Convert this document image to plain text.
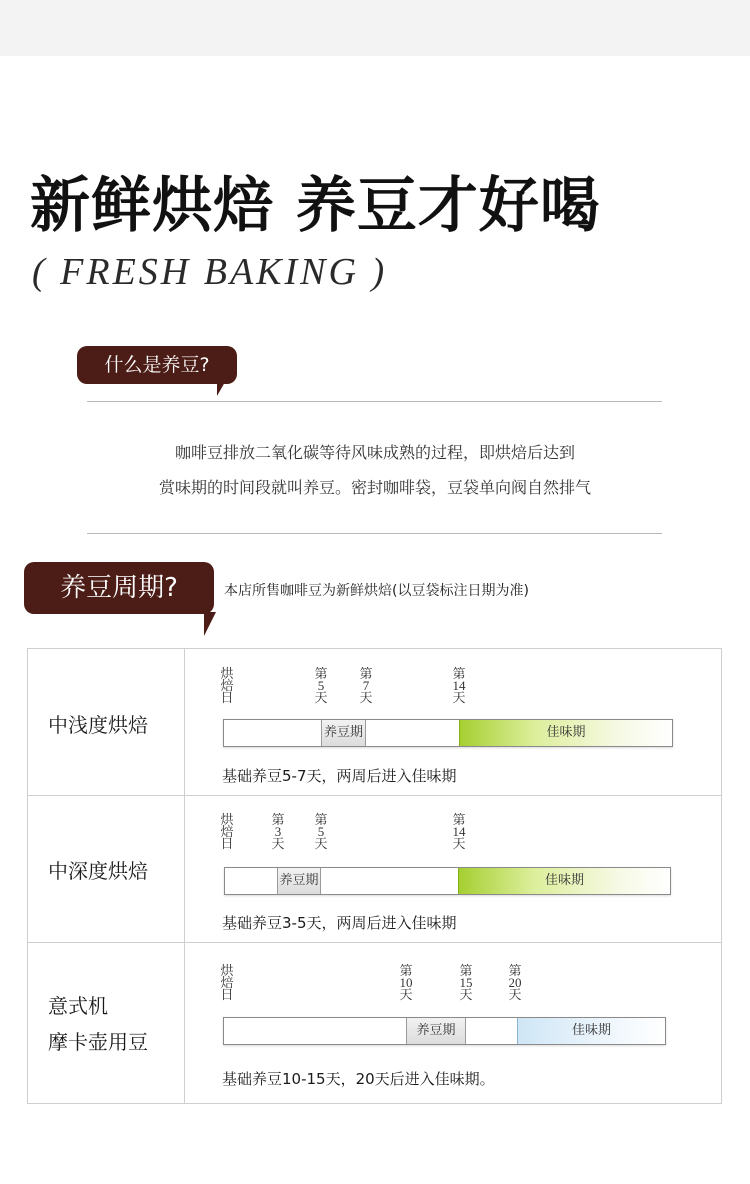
新鲜烘焙 养豆才好喝
( FRESH BAKING )
什么是养豆?
咖啡豆排放二氧化碳等待风味成熟的过程，即烘焙后达到
赏味期的时间段就叫养豆。密封咖啡袋，豆袋单向阀自然排气
养豆周期?	本店所售咖啡豆为新鲜烘焙(以豆袋标注日期为准)
中浅度烘焙
烘
焙
日
第
5
天
第
7
天
第
14
天
养豆期	佳味期
基础养豆5-7天，两周后进入佳味期
中深度烘焙
烘
焙
日
第
3
天
第
5
天
第
14
天
养豆期	佳味期
基础养豆3-5天，两周后进入佳味期
意式机
摩卡壶用豆
烘
焙
日
第
10
天
第
15
天
第
20
天
养豆期	佳味期
基础养豆10-15天，20天后进入佳味期。
